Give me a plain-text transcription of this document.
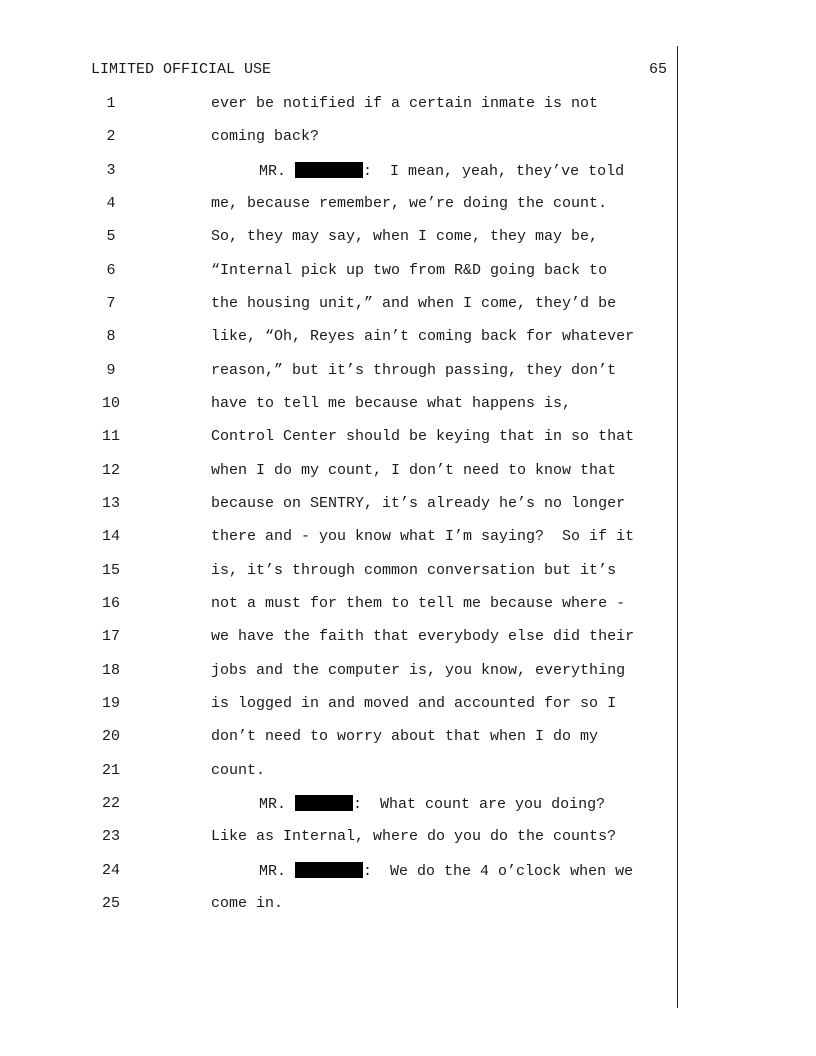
LIMITED OFFICIAL USE	65
1	ever be notified if a certain inmate is not
2	coming back?
3	MR.	:  I mean, yeah, they’ve told
4	me, because remember, we’re doing the count.
5	So, they may say, when I come, they may be,
6	“Internal pick up two from R&D going back to
7	the housing unit,” and when I come, they’d be
8	like, “Oh, Reyes ain’t coming back for whatever
9	reason,” but it’s through passing, they don’t
10	have to tell me because what happens is,
11	Control Center should be keying that in so that
12	when I do my count, I don’t need to know that
13	because on SENTRY, it’s already he’s no longer
14	there and - you know what I’m saying?  So if it
15	is, it’s through common conversation but it’s
16	not a must for them to tell me because where -
17	we have the faith that everybody else did their
18	jobs and the computer is, you know, everything
19	is logged in and moved and accounted for so I
20	don’t need to worry about that when I do my
21	count.
22	MR.	:  What count are you doing?
23	Like as Internal, where do you do the counts?
24	MR.	:  We do the 4 o’clock when we
25	come in.
